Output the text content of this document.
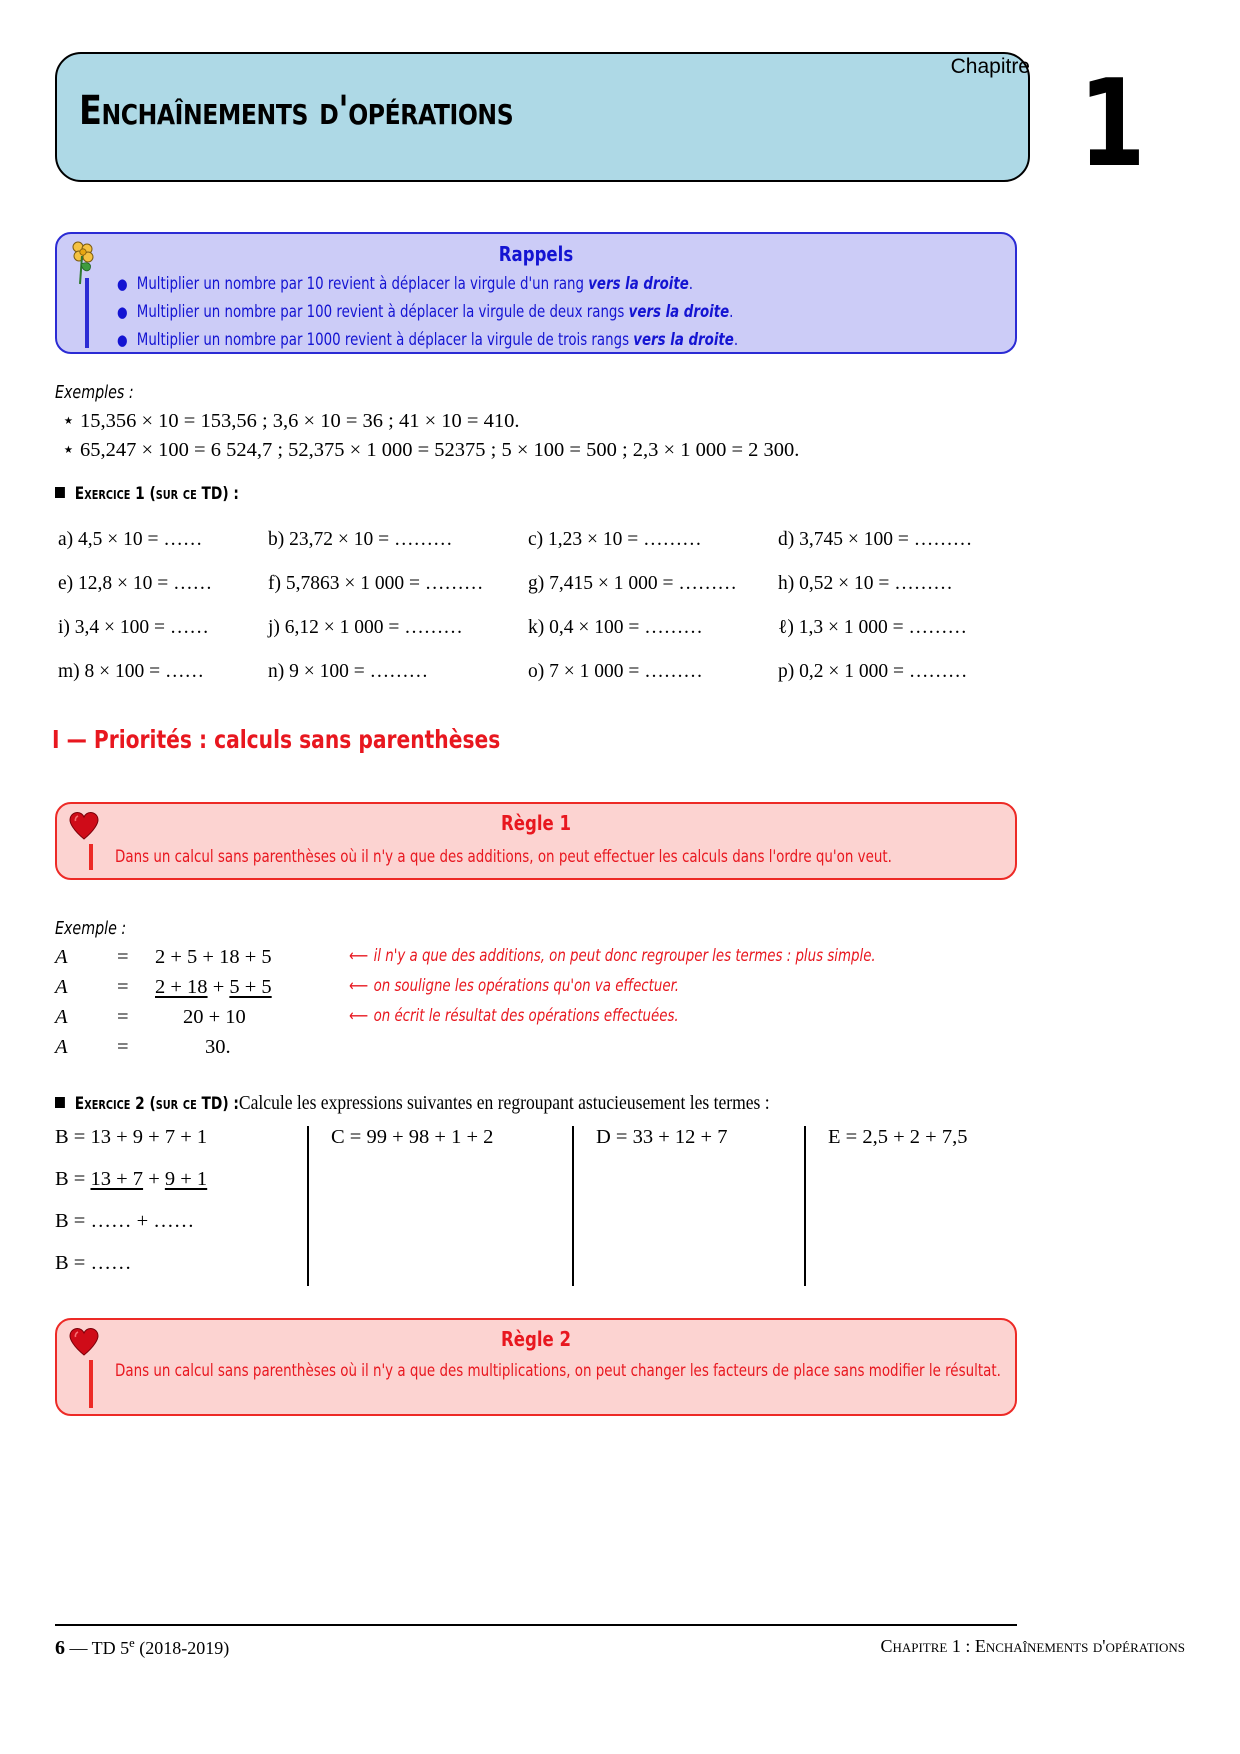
Enchaînements d'opérations
Chapitre 1
Rappels
● Multiplier un nombre par 10 revient à déplacer la virgule d'un rang vers la droite.
● Multiplier un nombre par 100 revient à déplacer la virgule de deux rangs vers la droite.
● Multiplier un nombre par 1000 revient à déplacer la virgule de trois rangs vers la droite.
Exemples :
⋆ 15,356 × 10 = 153,56 ; 3,6 × 10 = 36 ; 41 × 10 = 410.
⋆ 65,247 × 100 = 6 524,7 ; 52,375 × 1 000 = 52375 ; 5 × 100 = 500 ; 2,3 × 1 000 = 2 300.
Exercice 1 (sur ce TD) :
a) 4,5 × 10 = ……	b) 23,72 × 10 = ………	c) 1,23 × 10 = ………	d) 3,745 × 100 = ………
e) 12,8 × 10 = ……	f) 5,7863 × 1 000 = ………	g) 7,415 × 1 000 = ………	h) 0,52 × 10 = ………
i) 3,4 × 100 = ……	j) 6,12 × 1 000 = ………	k) 0,4 × 100 = ………	ℓ) 1,3 × 1 000 = ………
m) 8 × 100 = ……	n) 9 × 100 = ………	o) 7 × 1 000 = ………	p) 0,2 × 1 000 = ………
I — Priorités : calculs sans parenthèses
Règle 1
Dans un calcul sans parenthèses où il n'y a que des additions, on peut effectuer les calculs dans l'ordre qu'on veut.
Exemple :
A = 2 + 5 + 18 + 5	⟵ il n'y a que des additions, on peut donc regrouper les termes : plus simple.
A = 2 + 18 + 5 + 5	⟵ on souligne les opérations qu'on va effectuer.
A =	20 + 10	⟵ on écrit le résultat des opérations effectuées.
A =	30.
Exercice 2 (sur ce TD) :Calcule les expressions suivantes en regroupant astucieusement les termes :
B = 13 + 9 + 7 + 1
B = 13 + 7 + 9 + 1
B = …… + ……
B = ……
C = 99 + 98 + 1 + 2	D = 33 + 12 + 7	E = 2,5 + 2 + 7,5
Règle 2
Dans un calcul sans parenthèses où il n'y a que des multiplications, on peut changer les facteurs de place sans modifier le résultat.
6 — TD 5e (2018-2019)	Chapitre 1 : Enchaînements d'opérations
